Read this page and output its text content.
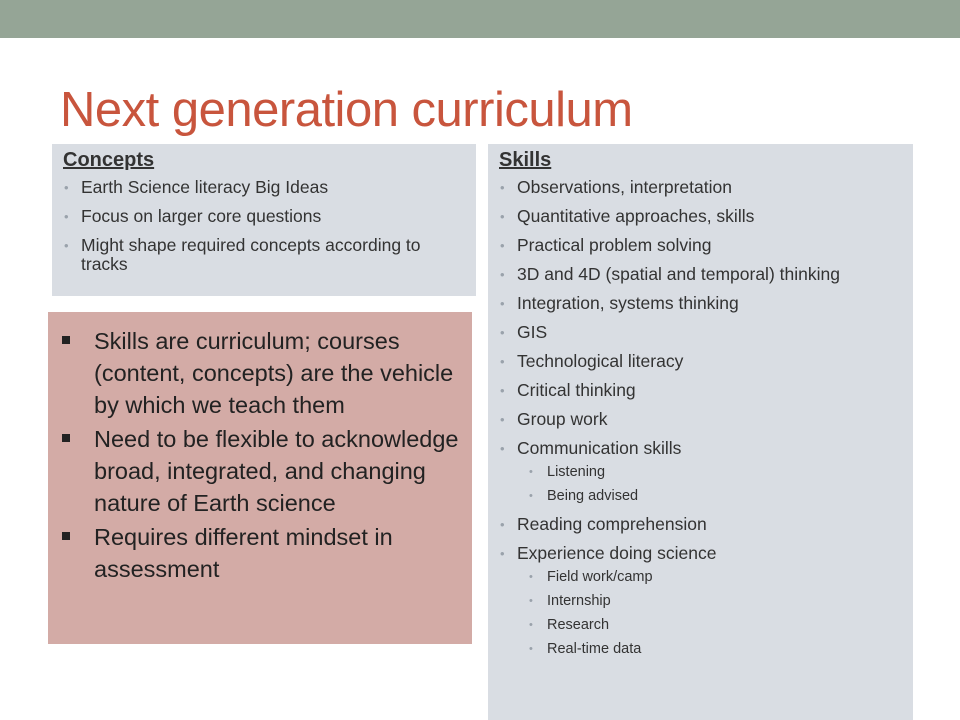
Next generation curriculum
Concepts
• Earth Science literacy Big Ideas
• Focus on larger core questions
• Might shape required concepts according to tracks
Skills
• Observations, interpretation
• Quantitative approaches, skills
• Practical problem solving
• 3D and 4D (spatial and temporal) thinking
• Integration, systems thinking
• GIS
• Technological literacy
• Critical thinking
• Group work
• Communication skills
• Listening
• Being advised
• Reading comprehension
• Experience doing science
• Field work/camp
• Internship
• Research
• Real-time data
Skills are curriculum; courses (content, concepts) are the vehicle by which we teach them
Need to be flexible to acknowledge broad, integrated, and changing nature of Earth science
Requires different mindset in assessment
